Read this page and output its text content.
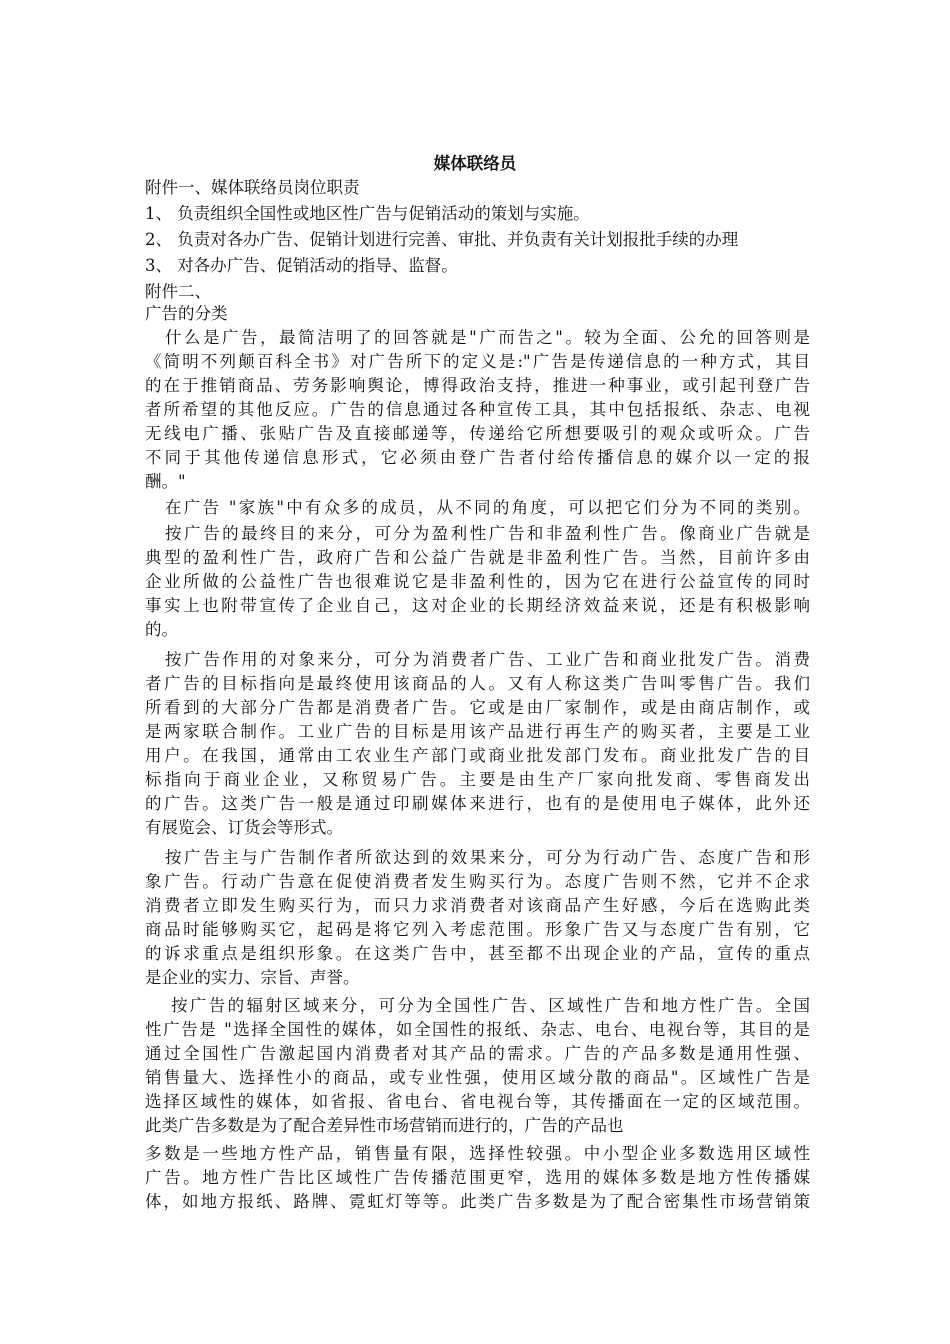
媒体联络员
附件一、媒体联络员岗位职责
1、 负责组织全国性或地区性广告与促销活动的策划与实施。
2、 负责对各办广告、促销计划进行完善、审批、并负责有关计划报批手续的办理
3、 对各办广告、促销活动的指导、监督。
附件二、
广告的分类
什么是广告，最简洁明了的回答就是"广而告之"。较为全面、公允的回答则是
《简明不列颠百科全书》对广告所下的定义是:"广告是传递信息的一种方式，其目
的在于推销商品、劳务影响舆论，博得政治支持，推进一种事业，或引起刊登广告
者所希望的其他反应。广告的信息通过各种宣传工具，其中包括报纸、杂志、电视
无线电广播、张贴广告及直接邮递等，传递给它所想要吸引的观众或听众。广告
不同于其他传递信息形式，它必须由登广告者付给传播信息的媒介以一定的报
酬。"
在广告 "家族"中有众多的成员，从不同的角度，可以把它们分为不同的类别。
按广告的最终目的来分，可分为盈利性广告和非盈利性广告。像商业广告就是
典型的盈利性广告，政府广告和公益广告就是非盈利性广告。当然，目前许多由
企业所做的公益性广告也很难说它是非盈利性的，因为它在进行公益宣传的同时
事实上也附带宣传了企业自己，这对企业的长期经济效益来说，还是有积极影响
的。
按广告作用的对象来分，可分为消费者广告、工业广告和商业批发广告。消费
者广告的目标指向是最终使用该商品的人。又有人称这类广告叫零售广告。我们
所看到的大部分广告都是消费者广告。它或是由厂家制作，或是由商店制作，或
是两家联合制作。工业广告的目标是用该产品进行再生产的购买者，主要是工业
用户。在我国，通常由工农业生产部门或商业批发部门发布。商业批发广告的目
标指向于商业企业，又称贸易广告。主要是由生产厂家向批发商、零售商发出
的广告。这类广告一般是通过印刷媒体来进行，也有的是使用电子媒体，此外还
有展览会、订货会等形式。
按广告主与广告制作者所欲达到的效果来分，可分为行动广告、态度广告和形
象广告。行动广告意在促使消费者发生购买行为。态度广告则不然，它并不企求
消费者立即发生购买行为，而只力求消费者对该商品产生好感，今后在选购此类
商品时能够购买它，起码是将它列入考虑范围。形象广告又与态度广告有别，它
的诉求重点是组织形象。在这类广告中，甚至都不出现企业的产品，宣传的重点
是企业的实力、宗旨、声誉。
按广告的辐射区域来分，可分为全国性广告、区域性广告和地方性广告。全国
性广告是 "选择全国性的媒体，如全国性的报纸、杂志、电台、电视台等，其目的是
通过全国性广告激起国内消费者对其产品的需求。广告的产品多数是通用性强、
销售量大、选择性小的商品，或专业性强，使用区域分散的商品"。区域性广告是
选择区域性的媒体，如省报、省电台、省电视台等，其传播面在一定的区域范围。
此类广告多数是为了配合差异性市场营销而进行的，广告的产品也
多数是一些地方性产品，销售量有限，选择性较强。中小型企业多数选用区域性
广告。地方性广告比区域性广告传播范围更窄，选用的媒体多数是地方性传播媒
体，如地方报纸、路牌、霓虹灯等等。此类广告多数是为了配合密集性市场营销策
